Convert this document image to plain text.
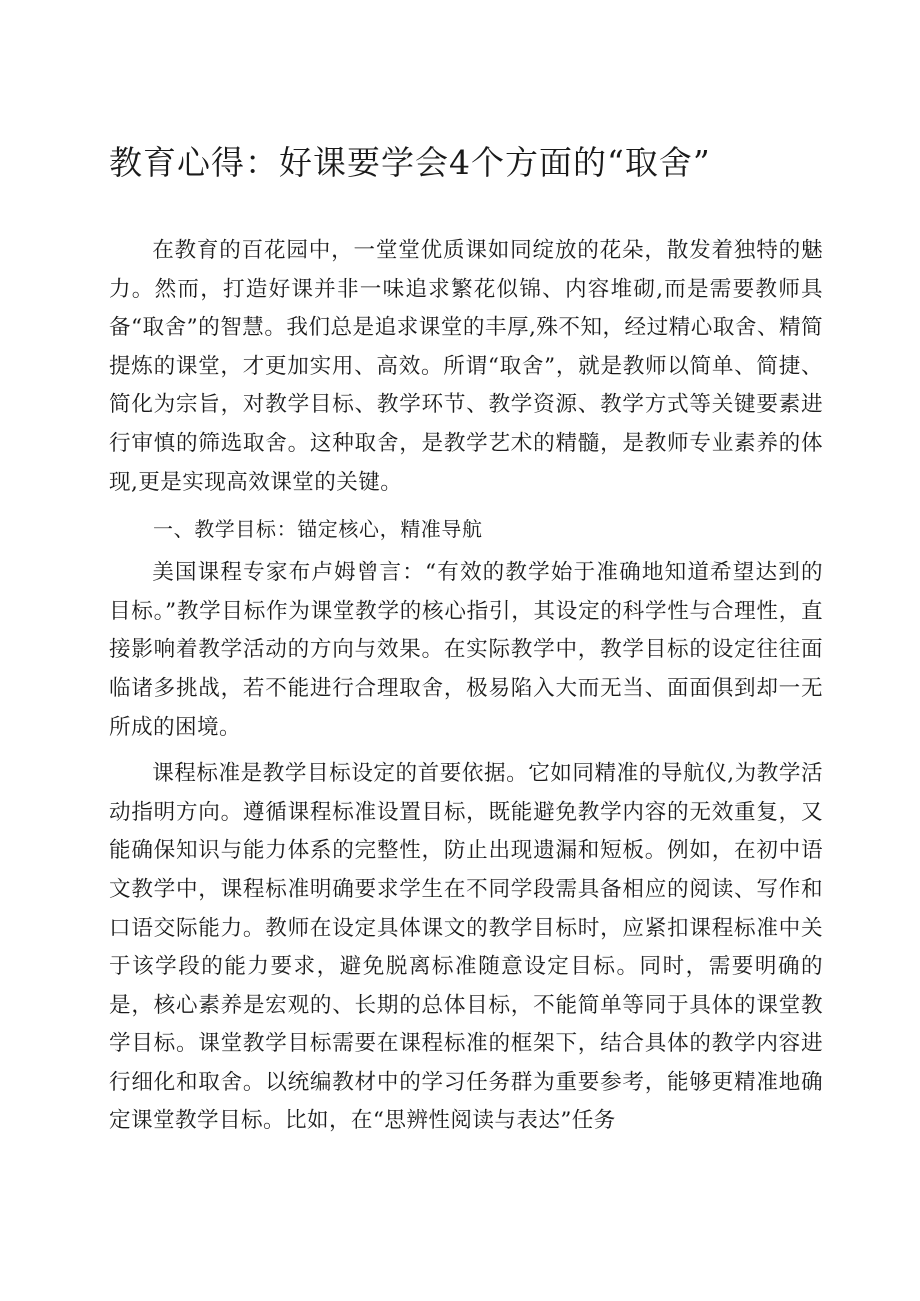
教育心得：好课要学会4个方面的“取舍”

在教育的百花园中，一堂堂优质课如同绽放的花朵，散发着独特的魅力。然而，打造好课并非一味追求繁花似锦、内容堆砌,而是需要教师具备“取舍”的智慧。我们总是追求课堂的丰厚,殊不知，经过精心取舍、精简提炼的课堂，才更加实用、高效。所谓“取舍”，就是教师以简单、简捷、简化为宗旨，对教学目标、教学环节、教学资源、教学方式等关键要素进行审慎的筛选取舍。这种取舍，是教学艺术的精髓，是教师专业素养的体现,更是实现高效课堂的关键。

一、教学目标：锚定核心，精准导航

美国课程专家布卢姆曾言：“有效的教学始于准确地知道希望达到的目标。”教学目标作为课堂教学的核心指引，其设定的科学性与合理性，直接影响着教学活动的方向与效果。在实际教学中，教学目标的设定往往面临诸多挑战，若不能进行合理取舍，极易陷入大而无当、面面俱到却一无所成的困境。

课程标准是教学目标设定的首要依据。它如同精准的导航仪,为教学活动指明方向。遵循课程标准设置目标，既能避免教学内容的无效重复，又能确保知识与能力体系的完整性，防止出现遗漏和短板。例如，在初中语文教学中，课程标准明确要求学生在不同学段需具备相应的阅读、写作和口语交际能力。教师在设定具体课文的教学目标时，应紧扣课程标准中关于该学段的能力要求，避免脱离标准随意设定目标。同时，需要明确的是，核心素养是宏观的、长期的总体目标，不能简单等同于具体的课堂教学目标。课堂教学目标需要在课程标准的框架下，结合具体的教学内容进行细化和取舍。以统编教材中的学习任务群为重要参考，能够更精准地确定课堂教学目标。比如，在“思辨性阅读与表达”任务
